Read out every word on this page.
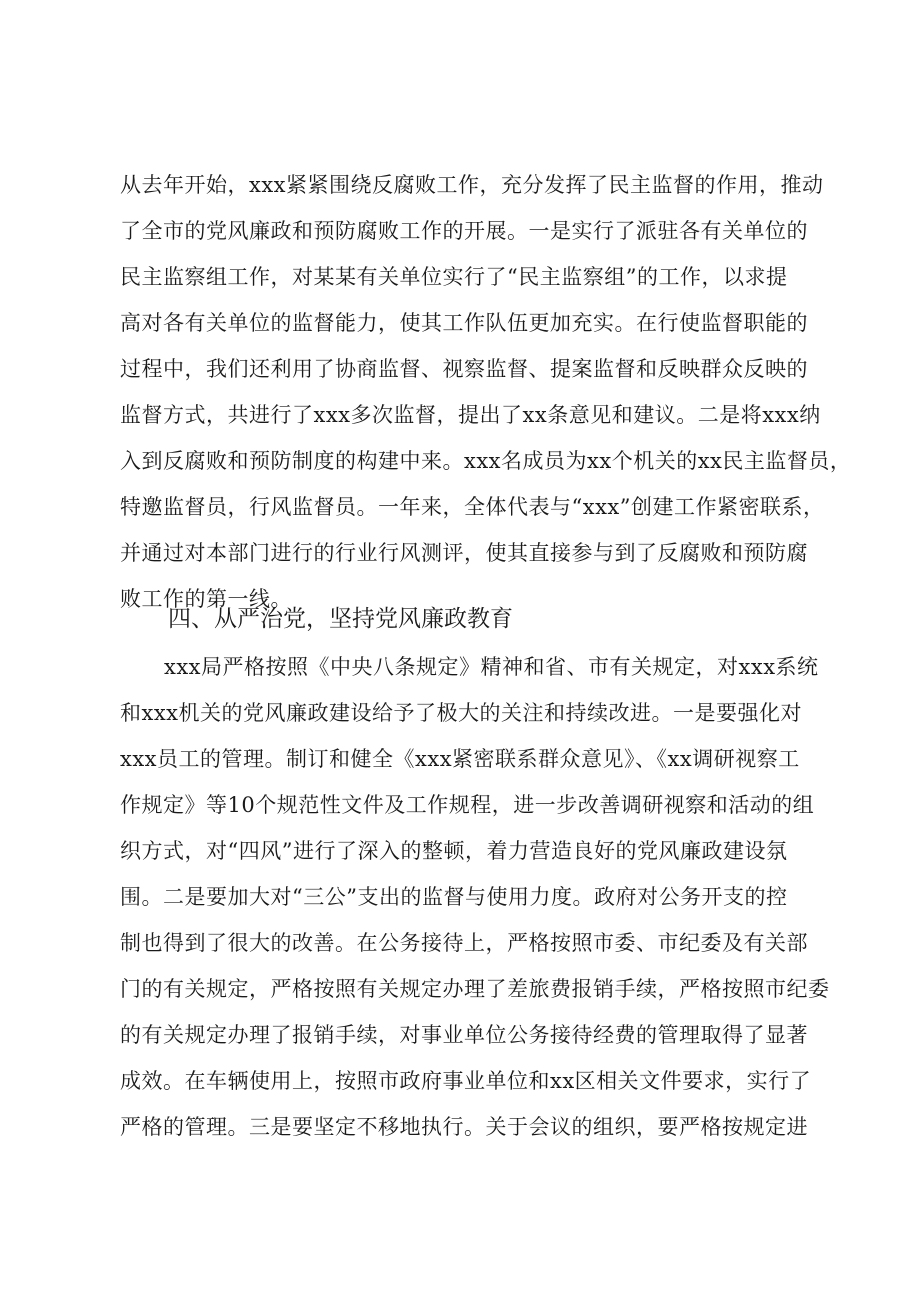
从去年开始，xxx紧紧围绕反腐败工作，充分发挥了民主监督的作用，推动
了全市的党风廉政和预防腐败工作的开展。一是实行了派驻各有关单位的
民主监察组工作，对某某有关单位实行了“民主监察组”的工作，以求提
高对各有关单位的监督能力，使其工作队伍更加充实。在行使监督职能的
过程中，我们还利用了协商监督、视察监督、提案监督和反映群众反映的
监督方式，共进行了xxx多次监督，提出了xx条意见和建议。二是将xxx纳
入到反腐败和预防制度的构建中来。xxx名成员为xx个机关的xx民主监督员，
特邀监督员，行风监督员。一年来，全体代表与“xxx”创建工作紧密联系，
并通过对本部门进行的行业行风测评，使其直接参与到了反腐败和预防腐
败工作的第一线。
四、从严治党，坚持党风廉政教育
xxx局严格按照《中央八条规定》精神和省、市有关规定，对xxx系统
和xxx机关的党风廉政建设给予了极大的关注和持续改进。一是要强化对
xxx员工的管理。制订和健全《xxx紧密联系群众意见》、《xx调研视察工
作规定》等10个规范性文件及工作规程，进一步改善调研视察和活动的组
织方式，对“四风”进行了深入的整顿，着力营造良好的党风廉政建设氛
围。二是要加大对“三公”支出的监督与使用力度。政府对公务开支的控
制也得到了很大的改善。在公务接待上，严格按照市委、市纪委及有关部
门的有关规定，严格按照有关规定办理了差旅费报销手续，严格按照市纪委
的有关规定办理了报销手续，对事业单位公务接待经费的管理取得了显著
成效。在车辆使用上，按照市政府事业单位和xx区相关文件要求，实行了
严格的管理。三是要坚定不移地执行。关于会议的组织，要严格按规定进
